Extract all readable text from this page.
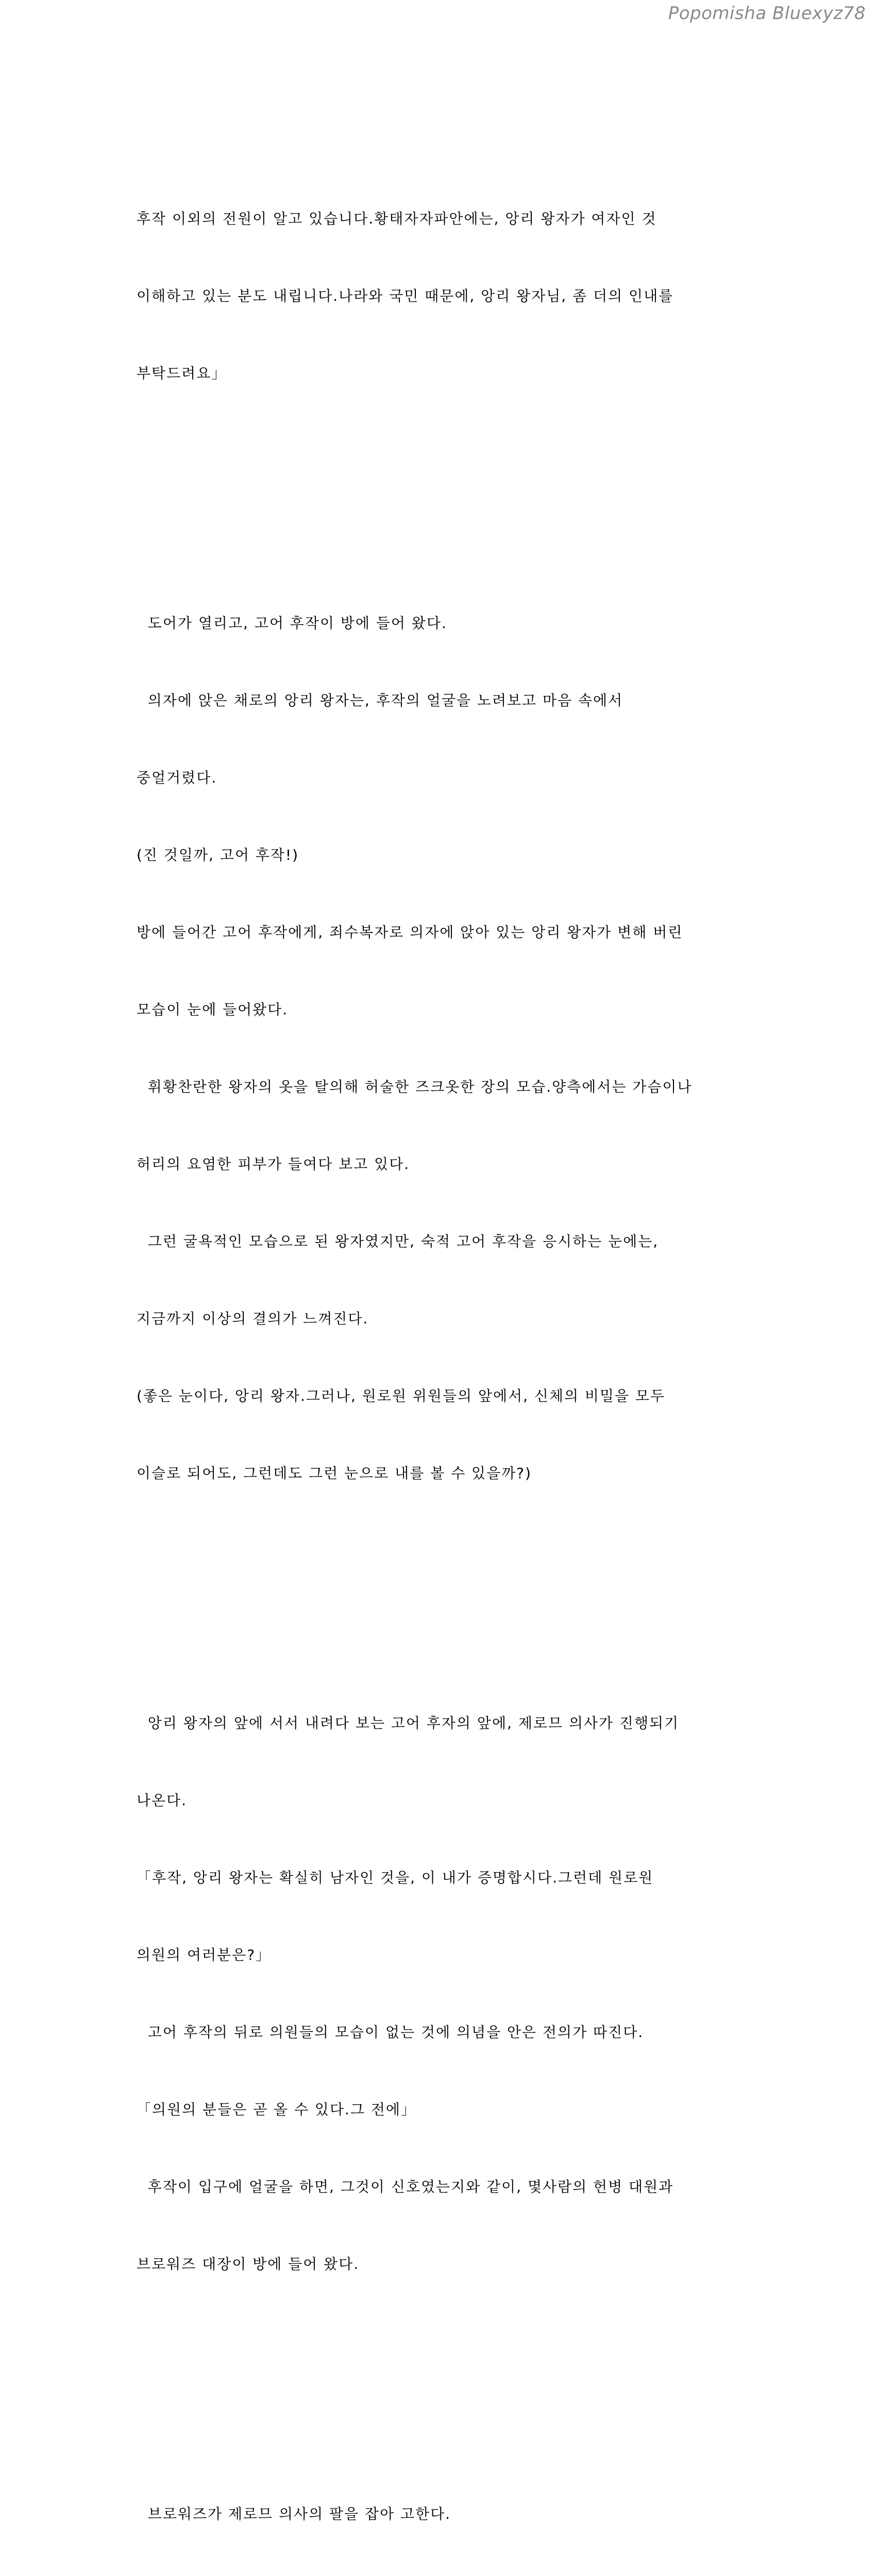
Popomisha Bluexyz78

후작 이외의 전원이 알고 있습니다.황태자자파안에는, 앙리 왕자가 여자인 것

이해하고 있는 분도 내립니다.나라와 국민 때문에, 앙리 왕자님, 좀 더의 인내를

부탁드려요」

도어가 열리고, 고어 후작이 방에 들어 왔다.

의자에 앉은 채로의 앙리 왕자는, 후작의 얼굴을 노려보고 마음 속에서

중얼거렸다.

(진 것일까, 고어 후작!)

방에 들어간 고어 후작에게, 죄수복자로 의자에 앉아 있는 앙리 왕자가 변해 버린

모습이 눈에 들어왔다.

휘황찬란한 왕자의 옷을 탈의해 허술한 즈크옷한 장의 모습.양측에서는 가슴이나

허리의 요염한 피부가 들여다 보고 있다.

그런 굴욕적인 모습으로 된 왕자였지만, 숙적 고어 후작을 응시하는 눈에는,

지금까지 이상의 결의가 느껴진다.

(좋은 눈이다, 앙리 왕자.그러나, 원로원 위원들의 앞에서, 신체의 비밀을 모두

이슬로 되어도, 그런데도 그런 눈으로 내를 볼 수 있을까?)

앙리 왕자의 앞에 서서 내려다 보는 고어 후자의 앞에, 제로므 의사가 진행되기

나온다.

「후작, 앙리 왕자는 확실히 남자인 것을, 이 내가 증명합시다.그런데 원로원

의원의 여러분은?」

고어 후작의 뒤로 의원들의 모습이 없는 것에 의념을 안은 전의가 따진다.

「의원의 분들은 곧 올 수 있다.그 전에」

후작이 입구에 얼굴을 하면, 그것이 신호였는지와 같이, 몇사람의 헌병 대원과

브로워즈 대장이 방에 들어 왔다.

브로워즈가 제로므 의사의 팔을 잡아 고한다.
